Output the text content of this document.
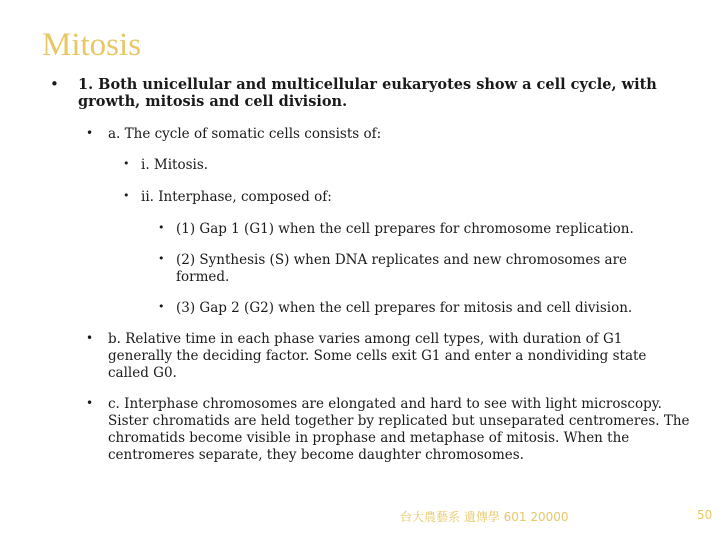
Mitosis
• 1. Both unicellular and multicellular eukaryotes show a cell cycle, with growth, mitosis and cell division.
• a. The cycle of somatic cells consists of:
• i. Mitosis.
• ii. Interphase, composed of:
• (1) Gap 1 (G1) when the cell prepares for chromosome replication.
• (2) Synthesis (S) when DNA replicates and new chromosomes are formed.
• (3) Gap 2 (G2) when the cell prepares for mitosis and cell division.
• b. Relative time in each phase varies among cell types, with duration of G1 generally the deciding factor. Some cells exit G1 and enter a nondividing state called G0.
• c. Interphase chromosomes are elongated and hard to see with light microscopy. Sister chromatids are held together by replicated but unseparated centromeres. The chromatids become visible in prophase and metaphase of mitosis. When the centromeres separate, they become daughter chromosomes.
台大農藝系 遺傳學 601 20000	50
